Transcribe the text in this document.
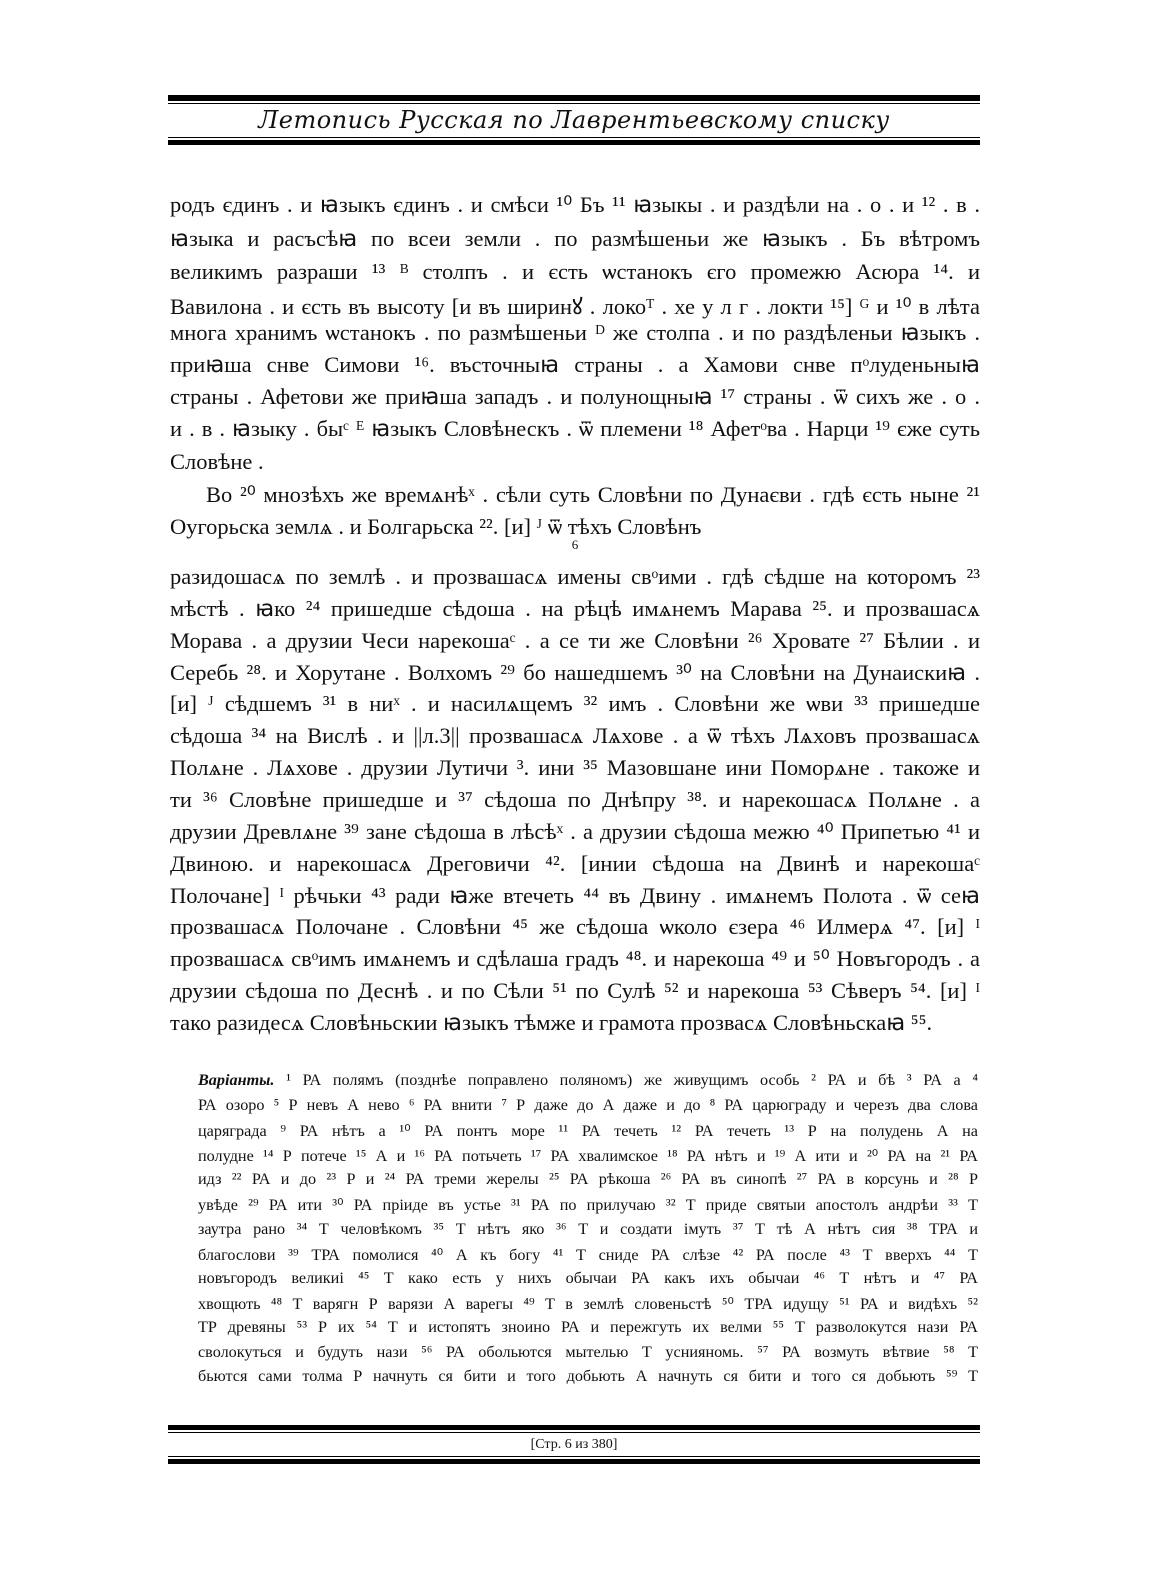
Летопись Русская по Лаврентьевскому списку
родъ єдинъ . и ꙗзыкъ єдинъ . и смѣси ¹⁰ Бъ ¹¹ ꙗзыкы . и раздѣли на . о . и ¹² . в .
ꙗзыка и расъсѣꙗ по всеи земли . по размѣшеньи же ꙗзыкъ . Бъ вѣтромъ
великимъ разраши ¹³ ᴮ столпъ . и єсть ѡстанокъ єго промежю Асюра ¹⁴. и
Вавилона . и єсть въ высоту [и въ ширинꙋ . локоᵀ . хе у л г . локти ¹⁵] ᴳ и ¹⁰ в лѣта
многа хранимъ ѡстанокъ . по размѣшеньи ᴰ же столпа . и по раздѣленьи ꙗзыкъ .
приꙗша снве Симови ¹⁶. въсточныꙗ страны . а Хамови снве пᵒлуденьныꙗ
страны . Афетови же приꙗша западъ . и полунощныꙗ ¹⁷ страны . ѿ сихъ же . о .
и . в . ꙗзыку . быᶜ ᴱ ꙗзыкъ Словѣнескъ . ѿ племени ¹⁸ Афетᵒва . Нарци ¹⁹ єже суть
Словѣне .
Во ²⁰ мнозѣхъ же времѧнѣˣ . сѣли суть Словѣни по Дунаєви . гдѣ єсть ныне ²¹
Оугорьска землѧ . и Болгарьска ²². [и] ᴶ ѿ тѣхъ Словѣнъ
6
разидошасѧ по землѣ . и прозвашасѧ имены свᵒими . гдѣ сѣдше на которомъ ²³
мѣстѣ . ꙗко ²⁴ пришедше сѣдоша . на рѣцѣ имѧнемъ Марава ²⁵. и прозвашасѧ
Морава . а друзии Чеси нарекошаᶜ . а се ти же Словѣни ²⁶ Хровате ²⁷ Бѣлии . и
Серебь ²⁸. и Хорутане . Волхомъ ²⁹ бо нашедшемъ ³⁰ на Словѣни на Дунаискиꙗ .
[и] ᴶ сѣдшемъ ³¹ в ниˣ . и насилѧщемъ ³² имъ . Словѣни же ѡви ³³ пришедше
сѣдоша ³⁴ на Вислѣ . и ||л.3|| прозвашасѧ Лѧхове . а ѿ тѣхъ Лѧховъ прозвашасѧ
Полѧне . Лѧхове . друзии Лутичи ³. ини ³⁵ Мазовшане ини Поморѧне . такоже и
ти ³⁶ Словѣне пришедше и ³⁷ сѣдоша по Днѣпру ³⁸. и нарекошасѧ Полѧне . а
друзии Древлѧне ³⁹ зане сѣдоша в лѣсѣˣ . а друзии сѣдоша межю ⁴⁰ Припетью ⁴¹ и
Двиною. и нарекошасѧ Дреговичи ⁴². [инии сѣдоша на Двинѣ и нарекошаᶜ
Полочане] ᴵ рѣчьки ⁴³ ради ꙗже втечеть ⁴⁴ въ Двину . имѧнемъ Полота . ѿ сеꙗ
прозвашасѧ Полочане . Словѣни ⁴⁵ же сѣдоша ѡколо єзера ⁴⁶ Илмерѧ ⁴⁷. [и] ᴵ
прозвашасѧ свᵒимъ имѧнемъ и сдѣлаша градъ ⁴⁸. и нарекоша ⁴⁹ и ⁵⁰ Новъгородъ . а
друзии сѣдоша по Деснѣ . и по Сѣли ⁵¹ по Сулѣ ⁵² и нарекоша ⁵³ Сѣверъ ⁵⁴. [и] ᴵ
тако разидесѧ Словѣньскии ꙗзыкъ тѣмже и грамота прозвасѧ Словѣньскаꙗ ⁵⁵.
Варіанты. ¹ РА полямъ (позднѣе поправлено поляномъ) же живущимъ особь ² РА и бѣ ³ РА а ⁴
РА озоро ⁵ Р невъ А нево ⁶ РА внити ⁷ Р даже до А даже и до ⁸ РА царюграду и черезъ два слова
царяграда ⁹ РА нѣтъ а ¹⁰ РА понтъ море ¹¹ РА течеть ¹² РА течеть ¹³ Р на полудень А на
полудне ¹⁴ Р потече ¹⁵ А и ¹⁶ РА потьчеть ¹⁷ РА хвалимское ¹⁸ РА нѣтъ и ¹⁹ А ити и ²⁰ РА на ²¹ РА
идз ²² РА и до ²³ Р и ²⁴ РА треми жерелы ²⁵ РА рѣкоша ²⁶ РА въ синопѣ ²⁷ РА в корсунь и ²⁸ Р
увѣде ²⁹ РА ити ³⁰ РА пріиде въ устье ³¹ РА по прилучаю ³² Т приде святыи апостолъ андрѣи ³³ Т
заутра рано ³⁴ Т человѣкомъ ³⁵ Т нѣтъ яко ³⁶ Т и создати імуть ³⁷ Т тѣ А нѣтъ сия ³⁸ ТРА и
благослови ³⁹ ТРА помолися ⁴⁰ А къ богу ⁴¹ Т сниде РА слѣзе ⁴² РА после ⁴³ Т вверхъ ⁴⁴ Т
новъгородъ великиі ⁴⁵ Т како есть у нихъ обычаи РА какъ ихъ обычаи ⁴⁶ Т нѣтъ и ⁴⁷ РА
хвощють ⁴⁸ Т варягн Р варязи А варегы ⁴⁹ Т в землѣ словеньстѣ ⁵⁰ ТРА идущу ⁵¹ РА и видѣхъ ⁵²
ТР древяны ⁵³ Р их ⁵⁴ Т и истопятъ зноино РА и пережгуть их велми ⁵⁵ Т разволокутся нази РА
сволокуться и будуть нази ⁵⁶ РА обольются мытелью Т уснияномь. ⁵⁷ РА возмуть вѣтвие ⁵⁸ Т
бьются сами толма Р начнуть ся бити и того добьють А начнуть ся бити и того ся добьють ⁵⁹ Т
[Стр. 6 из 380]
